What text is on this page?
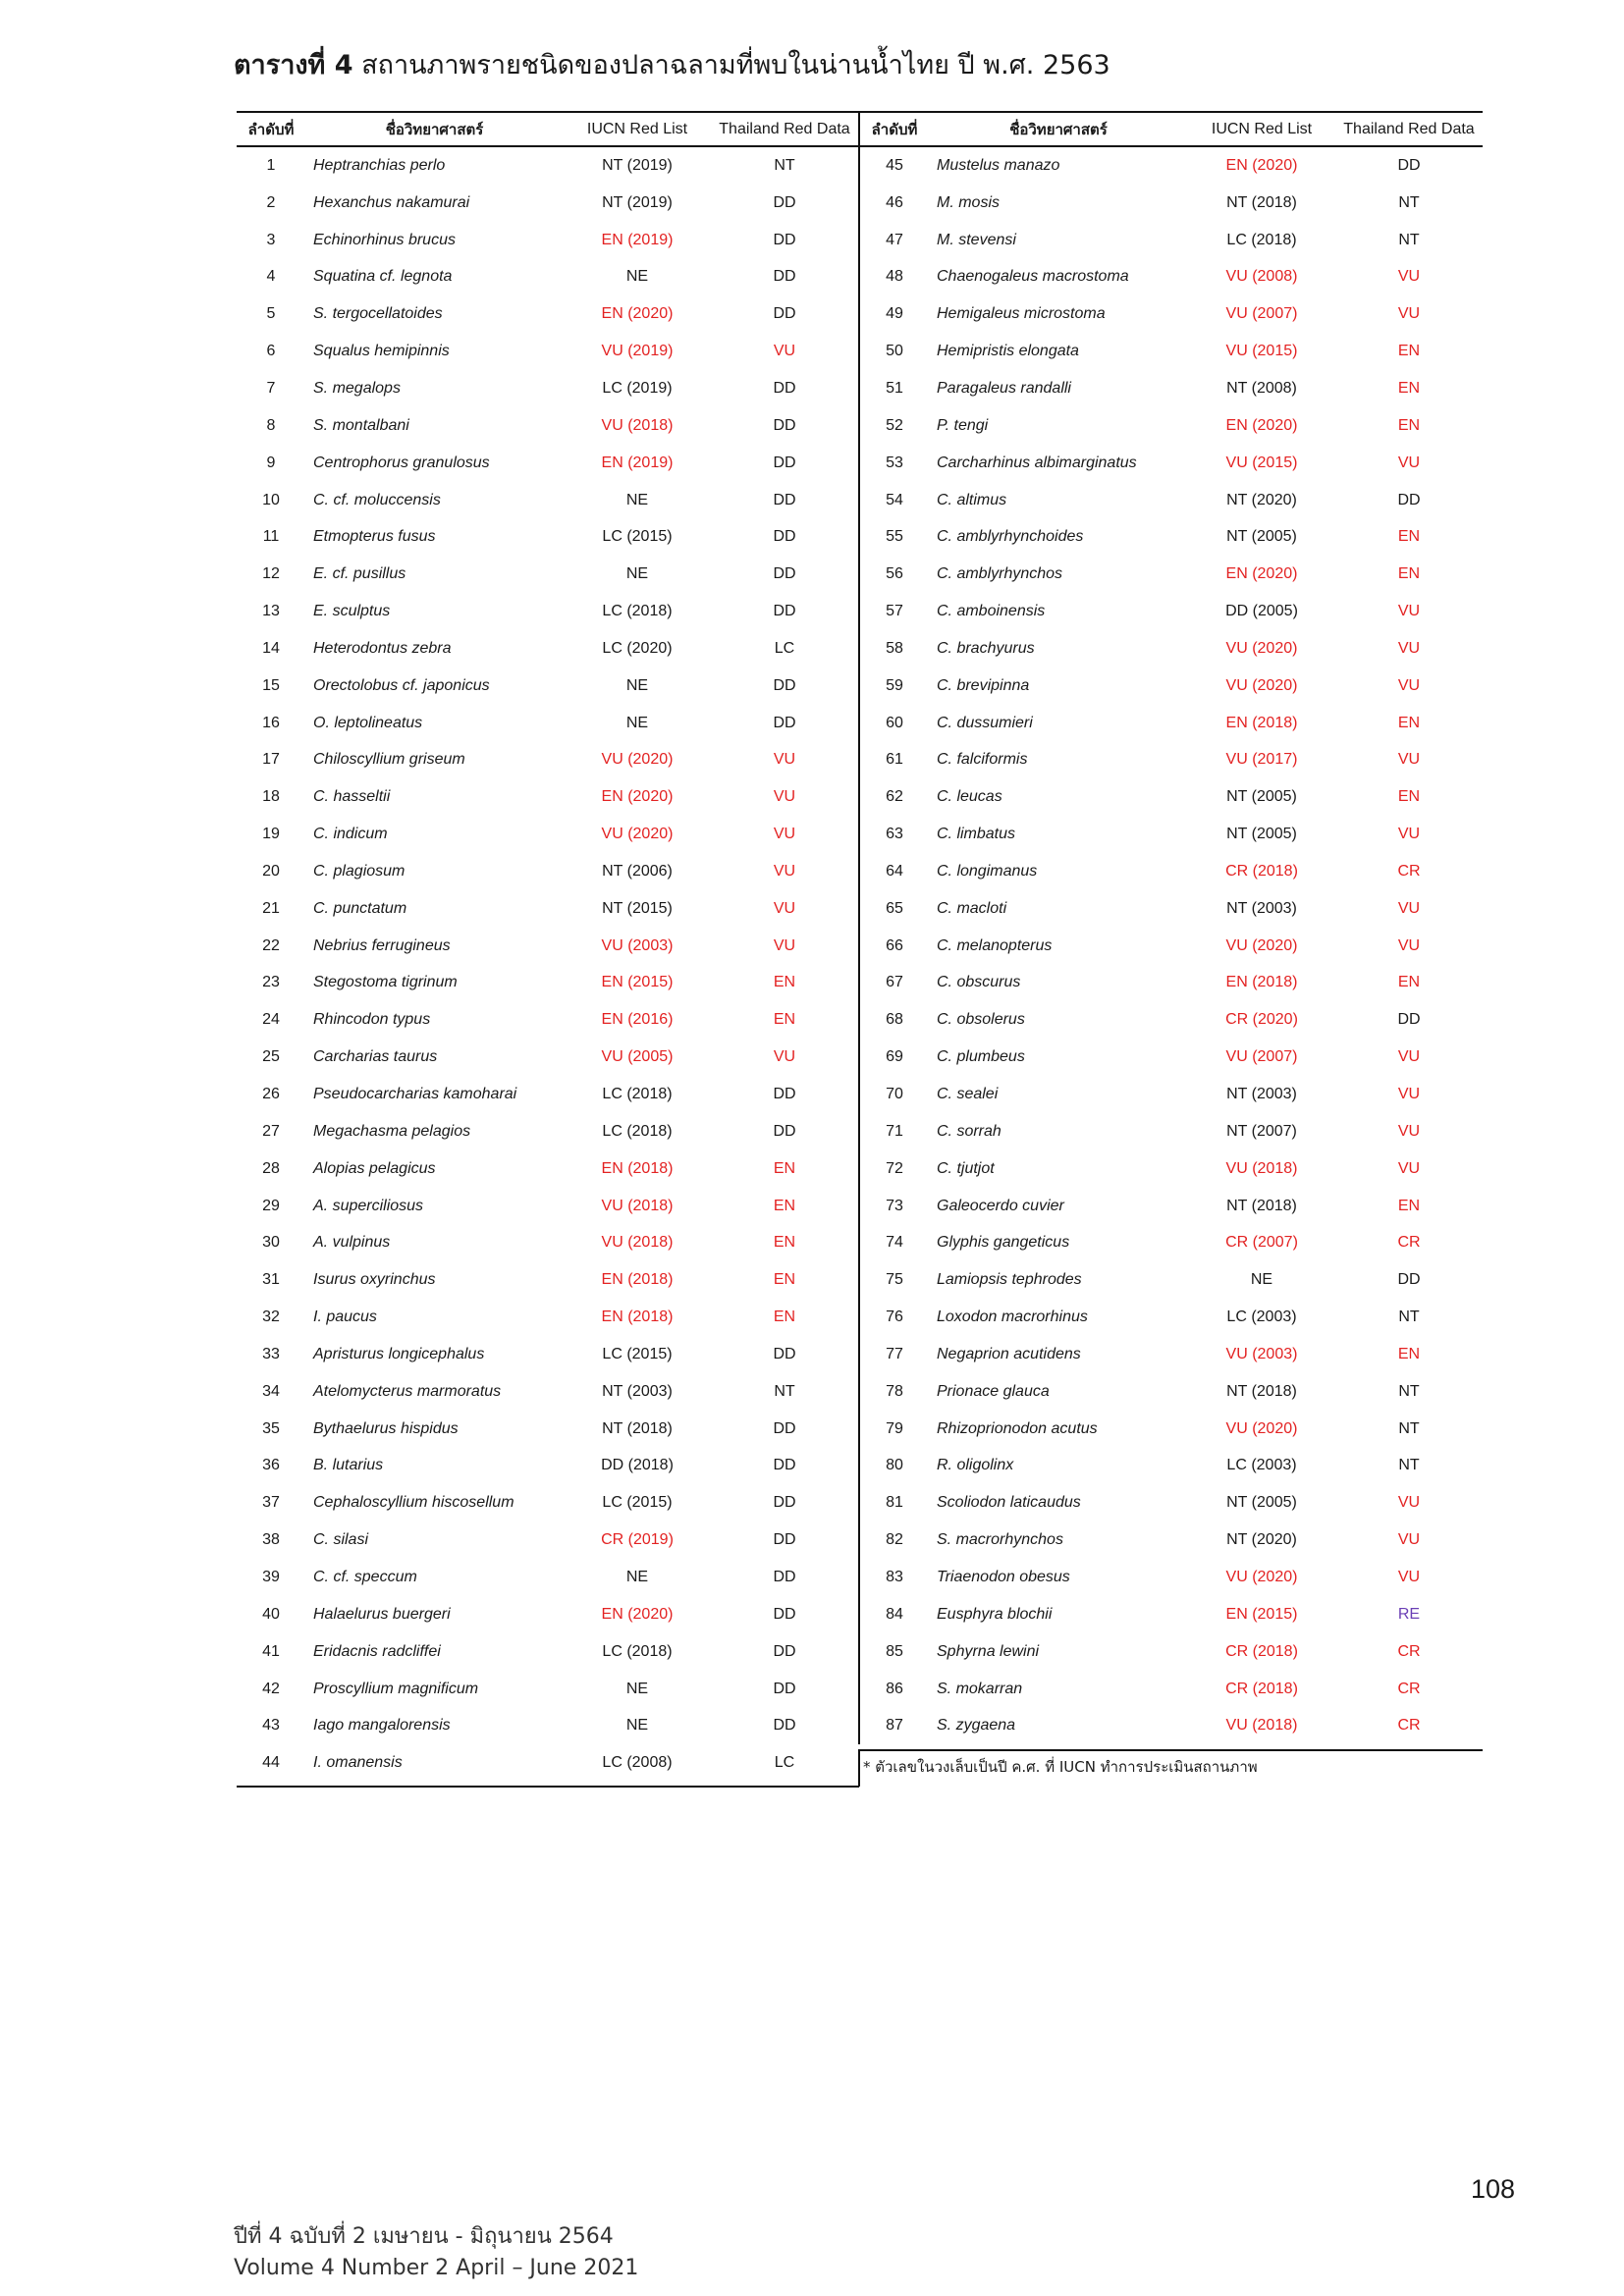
ตารางที่ 4 สถานภาพรายชนิดของปลาฉลามที่พบในน่านน้ำไทย ปี พ.ศ. 2563
ลำดับที่	ชื่อวิทยาศาสตร์	IUCN Red List	Thailand Red Data
1	Heptranchias perlo	NT (2019)	NT
2	Hexanchus nakamurai	NT (2019)	DD
3	Echinorhinus brucus	EN (2019)	DD
4	Squatina cf. legnota	NE	DD
5	S. tergocellatoides	EN (2020)	DD
6	Squalus hemipinnis	VU (2019)	VU
7	S. megalops	LC (2019)	DD
8	S. montalbani	VU (2018)	DD
9	Centrophorus granulosus	EN (2019)	DD
10	C. cf. moluccensis	NE	DD
11	Etmopterus fusus	LC (2015)	DD
12	E. cf. pusillus	NE	DD
13	E. sculptus	LC (2018)	DD
14	Heterodontus zebra	LC (2020)	LC
15	Orectolobus cf. japonicus	NE	DD
16	O. leptolineatus	NE	DD
17	Chiloscyllium griseum	VU (2020)	VU
18	C. hasseltii	EN (2020)	VU
19	C. indicum	VU (2020)	VU
20	C. plagiosum	NT (2006)	VU
21	C. punctatum	NT (2015)	VU
22	Nebrius ferrugineus	VU (2003)	VU
23	Stegostoma tigrinum	EN (2015)	EN
24	Rhincodon typus	EN (2016)	EN
25	Carcharias taurus	VU (2005)	VU
26	Pseudocarcharias kamoharai	LC (2018)	DD
27	Megachasma pelagios	LC (2018)	DD
28	Alopias pelagicus	EN (2018)	EN
29	A. superciliosus	VU (2018)	EN
30	A. vulpinus	VU (2018)	EN
31	Isurus oxyrinchus	EN (2018)	EN
32	I. paucus	EN (2018)	EN
33	Apristurus longicephalus	LC (2015)	DD
34	Atelomycterus marmoratus	NT (2003)	NT
35	Bythaelurus hispidus	NT (2018)	DD
36	B. lutarius	DD (2018)	DD
37	Cephaloscyllium hiscosellum	LC (2015)	DD
38	C. silasi	CR (2019)	DD
39	C. cf. speccum	NE	DD
40	Halaelurus buergeri	EN (2020)	DD
41	Eridacnis radcliffei	LC (2018)	DD
42	Proscyllium magnificum	NE	DD
43	Iago mangalorensis	NE	DD
44	I. omanensis	LC (2008)	LC
ลำดับที่	ชื่อวิทยาศาสตร์	IUCN Red List	Thailand Red Data
45	Mustelus manazo	EN (2020)	DD
46	M. mosis	NT (2018)	NT
47	M. stevensi	LC (2018)	NT
48	Chaenogaleus macrostoma	VU (2008)	VU
49	Hemigaleus microstoma	VU (2007)	VU
50	Hemipristis elongata	VU (2015)	EN
51	Paragaleus randalli	NT (2008)	EN
52	P. tengi	EN (2020)	EN
53	Carcharhinus albimarginatus	VU (2015)	VU
54	C. altimus	NT (2020)	DD
55	C. amblyrhynchoides	NT (2005)	EN
56	C. amblyrhynchos	EN (2020)	EN
57	C. amboinensis	DD (2005)	VU
58	C. brachyurus	VU (2020)	VU
59	C. brevipinna	VU (2020)	VU
60	C. dussumieri	EN (2018)	EN
61	C. falciformis	VU (2017)	VU
62	C. leucas	NT (2005)	EN
63	C. limbatus	NT (2005)	VU
64	C. longimanus	CR (2018)	CR
65	C. macloti	NT (2003)	VU
66	C. melanopterus	VU (2020)	VU
67	C. obscurus	EN (2018)	EN
68	C. obsolerus	CR (2020)	DD
69	C. plumbeus	VU (2007)	VU
70	C. sealei	NT (2003)	VU
71	C. sorrah	NT (2007)	VU
72	C. tjutjot	VU (2018)	VU
73	Galeocerdo cuvier	NT (2018)	EN
74	Glyphis gangeticus	CR (2007)	CR
75	Lamiopsis tephrodes	NE	DD
76	Loxodon macrorhinus	LC (2003)	NT
77	Negaprion acutidens	VU (2003)	EN
78	Prionace glauca	NT (2018)	NT
79	Rhizoprionodon acutus	VU (2020)	NT
80	R. oligolinx	LC (2003)	NT
81	Scoliodon laticaudus	NT (2005)	VU
82	S. macrorhynchos	NT (2020)	VU
83	Triaenodon obesus	VU (2020)	VU
84	Eusphyra blochii	EN (2015)	RE
85	Sphyrna lewini	CR (2018)	CR
86	S. mokarran	CR (2018)	CR
87	S. zygaena	VU (2018)	CR
* ตัวเลขในวงเล็บเป็นปี ค.ศ. ที่ IUCN ทำการประเมินสถานภาพ
108
ปีที่ 4 ฉบับที่ 2 เมษายน - มิถุนายน 2564
Volume 4 Number 2 April – June 2021
